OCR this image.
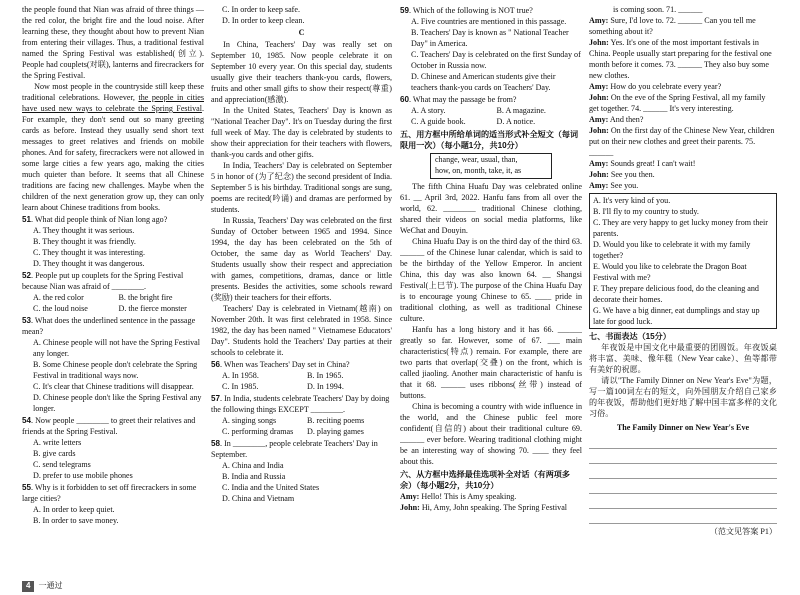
the people found that Nian was afraid of three things — the red color, the bright fire and the loud noise. After learning these, they thought about how to prevent Nian from entering their villages. Thus, a traditional festival named the Spring Festival was established(创立). People had couplets(对联), lanterns and firecrackers for the Spring Festival.

Now most people in the countryside still keep these traditional celebrations. However, the people in cities have used new ways to celebrate the Spring Festival. For example, they don't send out so many greeting cards as before. Instead they usually send short text messages to greet relatives and friends on mobile phones. And for safety, firecrackers were not allowed in some large cities a few years ago, making the cities much quieter than before. It seems that all Chinese traditions are facing new challenges. Maybe when the children of the next generation grow up, they can only learn about Chinese traditions from books.

51. What did people think of Nian long ago?
A. They thought it was serious.
B. They thought it was friendly.
C. They thought it was interesting.
D. They thought it was dangerous.
52. People put up couplets for the Spring Festival because Nian was afraid of ________.
A. the red color	B. the bright fire
C. the loud noise	D. the fierce monster
53. What does the underlined sentence in the passage mean?
A. Chinese people will not have the Spring Festival any longer.
B. Some Chinese people don't celebrate the Spring Festival in traditional ways now.
C. It's clear that Chinese traditions will disappear.
D. Chinese people don't like the Spring Festival any longer.
54. Now people ________ to greet their relatives and friends at the Spring Festival.
A. write letters
B. give cards
C. send telegrams
D. prefer to use mobile phones
55. Why is it forbidden to set off firecrackers in some large cities?
A. In order to keep quiet.
B. In order to save money.
C. In order to keep safe.
D. In order to keep clean.
C

In China, Teachers' Day was really set on September 10, 1985. Now people celebrate it on September 10 every year. On this special day, students usually give their teachers thank-you cards, flowers, fruits and other small gifts to show their respect(尊重) and appreciation(感激).

In the United States, Teachers' Day is known as "National Teacher Day". It's on Tuesday during the first full week of May. The day is celebrated by students to show their appreciation for their teachers with flowers, thank-you cards and other gifts.

In India, Teachers' Day is celebrated on September 5 in honor of (为了纪念) the second president of India. September 5 is his birthday. Traditional songs are sung, poems are recited(吟诵) and dramas are performed by students.

In Russia, Teachers' Day was celebrated on the first Sunday of October between 1965 and 1994. Since 1994, the day has been celebrated on the 5th of October, the same day as World Teachers' Day. Students usually show their respect and appreciation with games, competitions, dramas, dance or little presents. Besides the activities, some schools reward (奖励) their teachers for their efforts.

Teachers' Day is celebrated in Vietnam(越南) on November 20th. It was first celebrated in 1958. Since 1982, the day has been named " Vietnamese Educators' Day". Students hold the Teachers' Day parties at their schools to celebrate it.

56. When was Teachers' Day set in China?
A. In 1958.	B. In 1965.
C. In 1985.	D. In 1994.
57. In India, students celebrate Teachers' Day by doing the following things EXCEPT ________.
A. singing songs	B. reciting poems
C. performing dramas	D. playing games
58. In ________, people celebrate Teachers' Day in September.
A. China and India
B. India and Russia
C. India and the United States
D. China and Vietnam
59. Which of the following is NOT true?
A. Five countries are mentioned in this passage.
B. Teachers' Day is known as " National Teacher Day" in America.
C. Teachers' Day is celebrated on the first Sunday of October in Russia now.
D. Chinese and American students give their teachers thank-you cards on Teachers' Day.
60. What may the passage be from?
A. A story.	B. A magazine.
C. A guide book.	D. A notice.
五、用方框中所给单词的适当形式补全短文（每词限用一次）（每小题1分，共10分）
change, wear, usual, than,
how, on, month, take, it, as

The fifth China Huafu Day was celebrated online 61. __ April 3rd, 2022. Hanfu fans from all over the world, 62. ________ traditional Chinese clothing, shared their videos on social media platforms, like WeChat and Douyin.

China Huafu Day is on the third day of the third 63. ______ of the Chinese lunar calendar, which is said to be the birthday of the Yellow Emperor. In ancient China, this day was also known 64. __ Shangsi Festival(上巳节). The purpose of the China Huafu Day is to encourage young Chinese to 65. ____ pride in traditional clothing, as well as traditional Chinese culture.

Hanfu has a long history and it has 66. ______ greatly so far. However, some of 67. ___ main characteristics(特点) remain. For example, there are two parts that overlap(交叠) on the front, which is called jiaoling. Another main characteristic of hanfu is that it 68. ______ uses ribbons(丝带) instead of buttons.

China is becoming a country with wide influence in the world, and the Chinese public feel more confident(自信的) about their traditional culture 69. ______ ever before. Wearing traditional clothing might be an interesting way of showing 70. ____ they feel about this.

六、从方框中选择最佳选项补全对话（有两项多余）（每小题2分，共10分）
Amy: Hello! This is Amy speaking.
John: Hi, Amy, John speaking. The Spring Festival
is coming soon. 71. ______
Amy: Sure, I'd love to. 72. ______ Can you tell me something about it?
John: Yes. It's one of the most important festivals in China. People usually start preparing for the festival one month before it comes. 73. ______ They also buy some new clothes.
Amy: How do you celebrate every year?
John: On the eve of the Spring Festival, all my family get together. 74. ______ It's very interesting.
Amy: And then?
John: On the first day of the Chinese New Year, children put on their new clothes and greet their parents. 75. ______
Amy: Sounds great! I can't wait!
John: See you then.
Amy: See you.
A. It's very kind of you.
B. I'll fly to my country to study.
C. They are very happy to get lucky money from their parents.
D. Would you like to celebrate it with my family together?
E. Would you like to celebrate the Dragon Boat Festival with me?
F. They prepare delicious food, do the cleaning and decorate their homes.
G. We have a big dinner, eat dumplings and stay up late for good luck.
七、书面表达（15分）

年夜饭是中国文化中最重要的团圆饭。年夜饭桌将丰富、美味、像年糕（New Year cake）、鱼等都带有美好的祝愿。

请以"The Family Dinner on New Year's Eve"为题，写一篇100词左右的短文，向外国朋友介绍自己家乡的年夜饭，帮助他们更好地了解中国丰富多样的文化习俗。

The Family Dinner on New Year's Eve
（范文见答案 P1）
4	一通过
